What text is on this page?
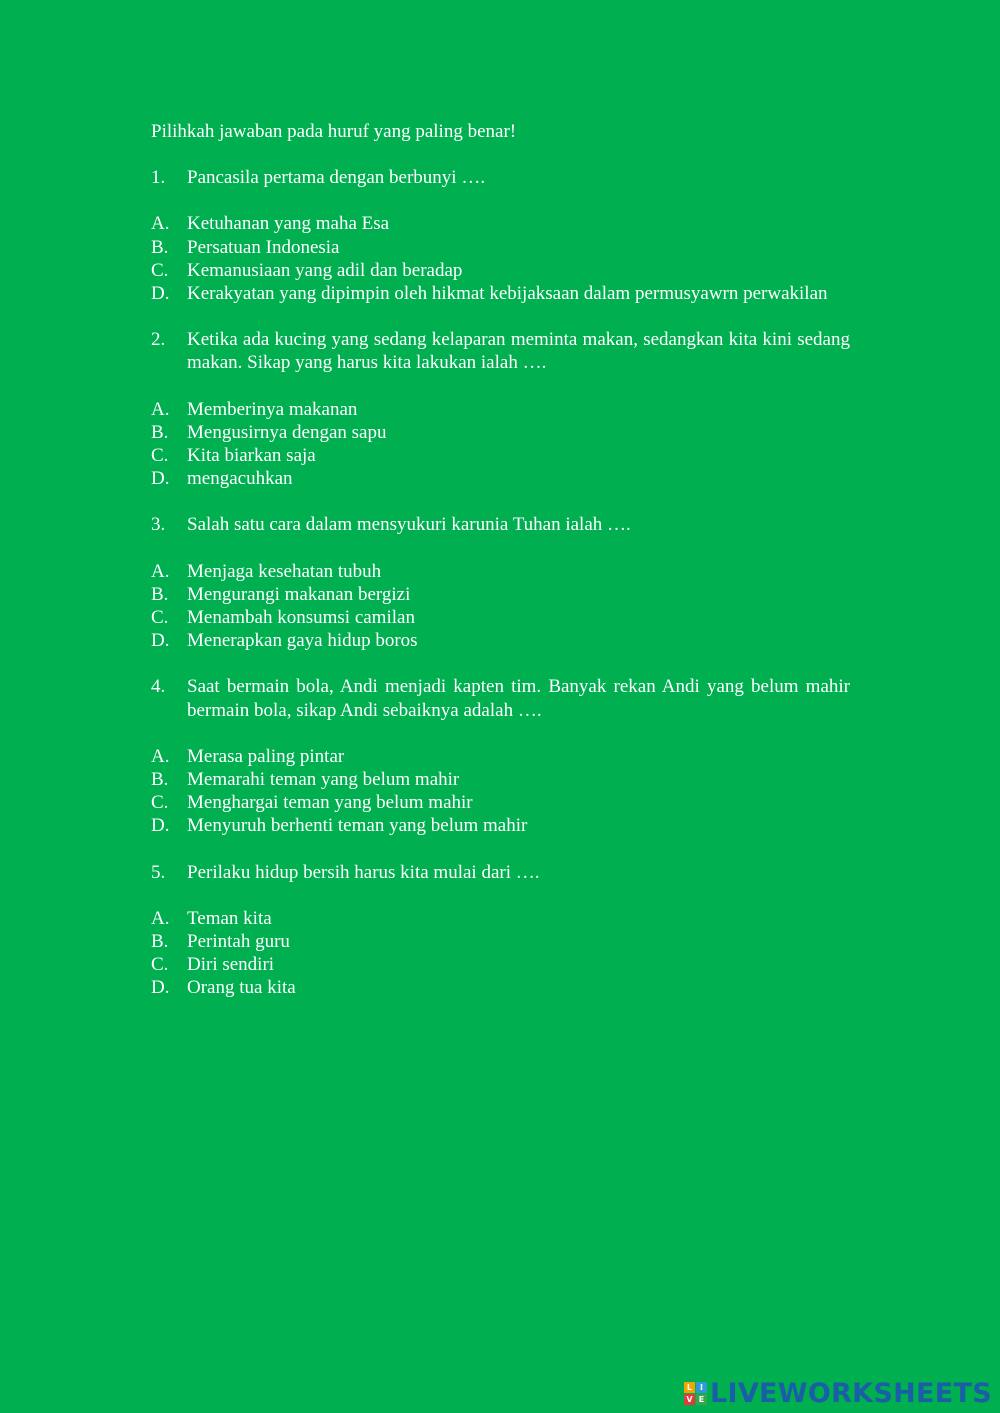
Pilihkah jawaban pada huruf yang paling benar!
1.	Pancasila pertama dengan berbunyi ….
A. Ketuhanan yang maha Esa
B. Persatuan Indonesia
C. Kemanusiaan yang adil dan beradap
D. Kerakyatan yang dipimpin oleh hikmat kebijaksaan dalam permusyawrn perwakilan
2.	Ketika ada kucing yang sedang kelaparan meminta makan, sedangkan kita kini sedang makan. Sikap yang harus kita lakukan ialah ….
A. Memberinya makanan
B. Mengusirnya dengan sapu
C. Kita biarkan saja
D. mengacuhkan
3.	Salah satu cara dalam mensyukuri karunia Tuhan ialah ….
A. Menjaga kesehatan tubuh
B. Mengurangi makanan bergizi
C. Menambah konsumsi camilan
D. Menerapkan gaya hidup boros
4.	Saat bermain bola, Andi menjadi kapten tim. Banyak rekan Andi yang belum mahir bermain bola, sikap Andi sebaiknya adalah ….
A. Merasa paling pintar
B. Memarahi teman yang belum mahir
C. Menghargai teman yang belum mahir
D. Menyuruh berhenti teman yang belum mahir
5.	Perilaku hidup bersih harus kita mulai dari ….
A. Teman kita
B. Perintah guru
C. Diri sendiri
D. Orang tua kita
L I
V E LIVEWORKSHEETS
